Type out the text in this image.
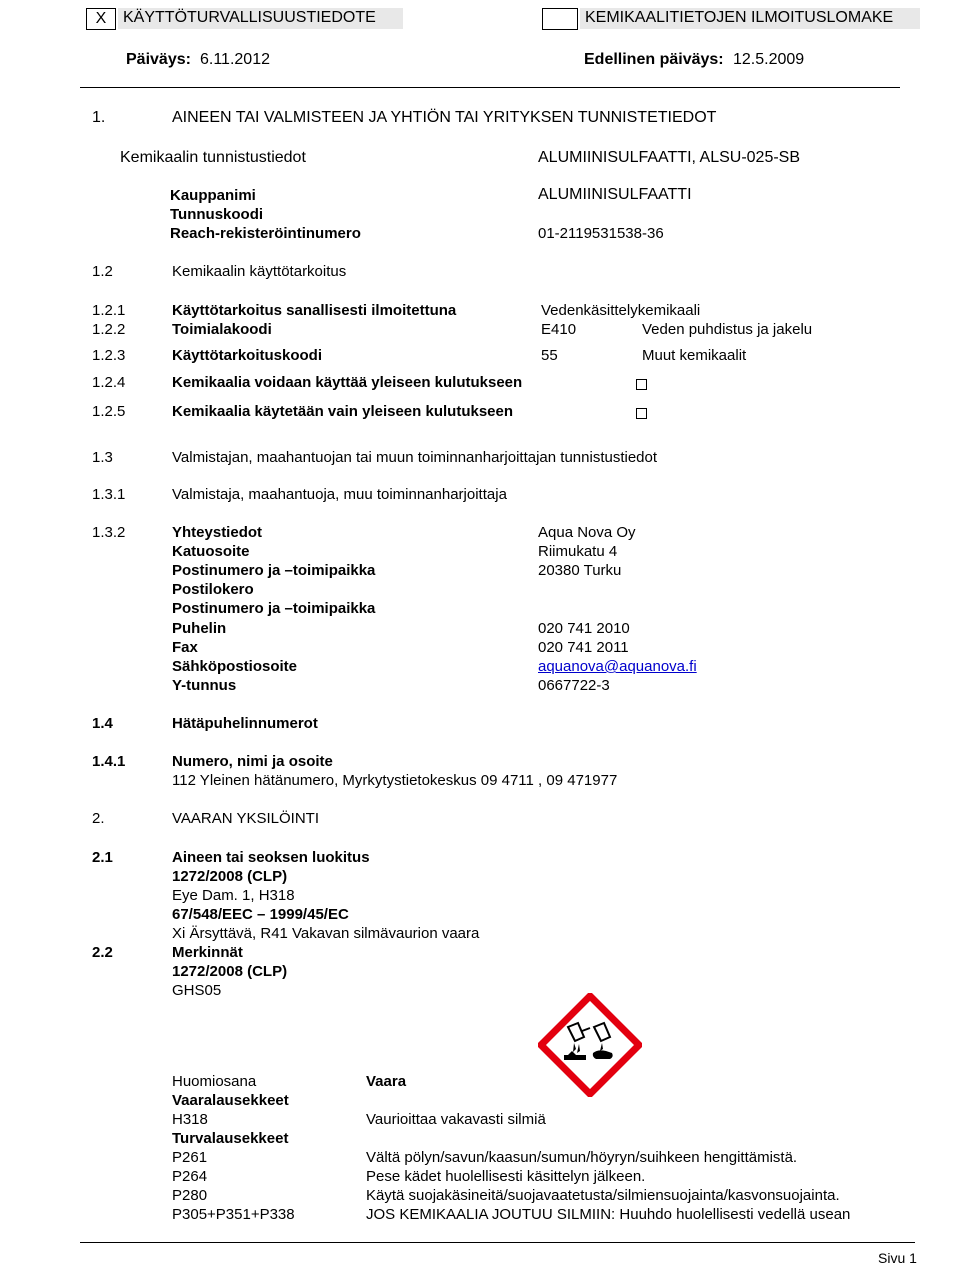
X	KÄYTTÖTURVALLISUUSTIEDOTE	KEMIKAALITIETOJEN ILMOITUSLOMAKE
Päiväys: 6.11.2012	Edellinen päiväys: 12.5.2009
1.	AINEEN TAI VALMISTEEN JA YHTIÖN TAI YRITYKSEN TUNNISTETIEDOT
Kemikaalin tunnistustiedot	ALUMIINISULFAATTI, ALSU-025-SB
Kauppanimi	ALUMIINISULFAATTI
Tunnuskoodi
Reach-rekisteröintinumero	01-2119531538-36
1.2	Kemikaalin käyttötarkoitus
1.2.1	Käyttötarkoitus sanallisesti ilmoitettuna	Vedenkäsittelykemikaali
1.2.2	Toimialakoodi	E410	Veden puhdistus ja jakelu
1.2.3	Käyttötarkoituskoodi	55	Muut kemikaalit
1.2.4	Kemikaalia voidaan käyttää yleiseen kulutukseen
1.2.5	Kemikaalia käytetään vain yleiseen kulutukseen
1.3	Valmistajan, maahantuojan tai muun toiminnanharjoittajan tunnistustiedot
1.3.1	Valmistaja, maahantuoja, muu toiminnanharjoittaja
1.3.2	Yhteystiedot	Aqua Nova Oy
Katuosoite	Riimukatu 4
Postinumero ja –toimipaikka	20380 Turku
Postilokero
Postinumero ja –toimipaikka
Puhelin	020 741 2010
Fax	020 741 2011
Sähköpostiosoite	aquanova@aquanova.fi
Y-tunnus	0667722-3
1.4	Hätäpuhelinnumerot
1.4.1	Numero, nimi ja osoite
112 Yleinen hätänumero, Myrkytystietokeskus 09 4711 , 09 471977
2.	VAARAN YKSILÖINTI
2.1	Aineen tai seoksen luokitus
1272/2008 (CLP)
Eye Dam. 1, H318
67/548/EEC – 1999/45/EC
Xi Ärsyttävä, R41 Vakavan silmävaurion vaara
2.2	Merkinnät
1272/2008 (CLP)
GHS05
Huomiosana	Vaara
Vaaralausekkeet
H318	Vaurioittaa vakavasti silmiä
Turvalausekkeet
P261	Vältä pölyn/savun/kaasun/sumun/höyryn/suihkeen hengittämistä.
P264	Pese kädet huolellisesti käsittelyn jälkeen.
P280	Käytä suojakäsineitä/suojavaatetusta/silmiensuojainta/kasvonsuojainta.
P305+P351+P338	JOS KEMIKAALIA JOUTUU SILMIIN: Huuhdo huolellisesti vedellä usean
Sivu 1
